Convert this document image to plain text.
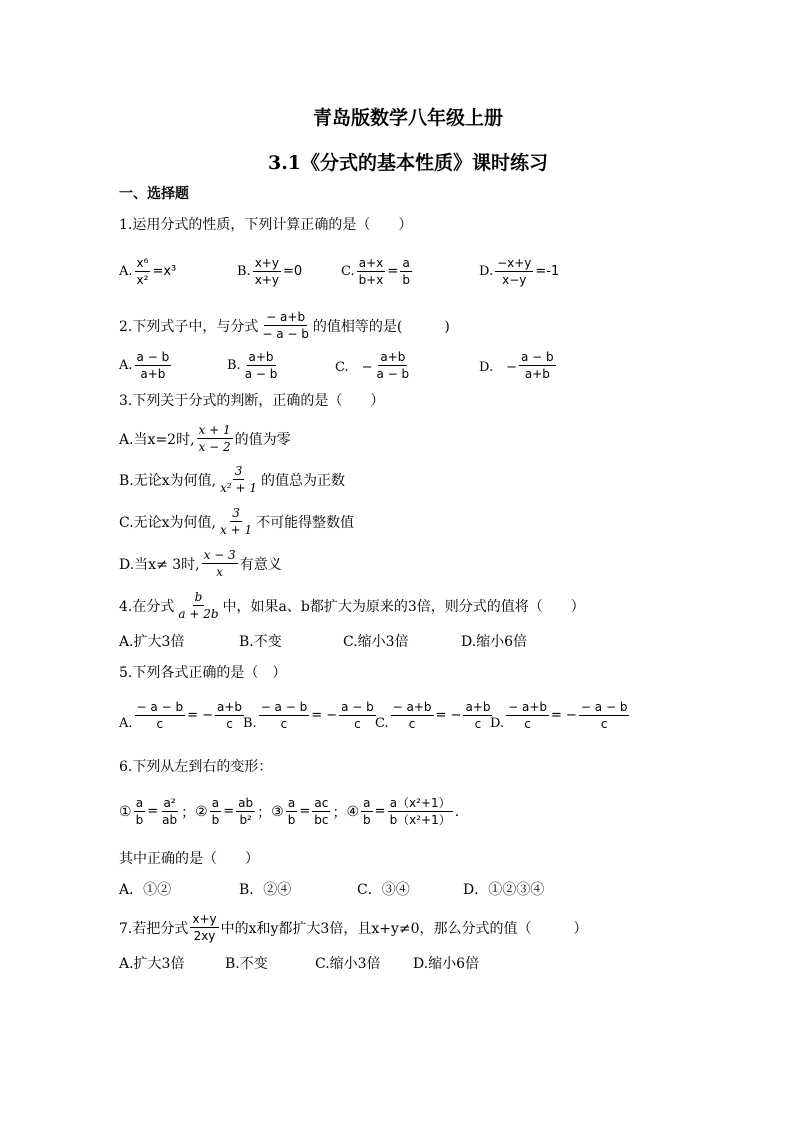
青岛版数学八年级上册
3.1《分式的基本性质》课时练习
一、选择题
1.运用分式的性质，下列计算正确的是（　　）
A. $\frac{\text{x⁶}}{\text{x²}} =x^3$	B. $\frac{x+y}{x+y} =0$	C. $\frac{a+x}{b+x} = \frac{a}{b}$	D. $\frac{-x+y}{x-y} =-1$
2.下列式子中，与分式 $\frac{- a+b}{- a - b}$ 的值相等的是(　　　)
A. $\frac{a - b}{a+b}$	B. $\frac{a+b}{a - b}$	C.　− $\frac{a+b}{a - b}$	D.　− $\frac{a - b}{a+b}$
3.下列关于分式的判断，正确的是（　　）
A.当x=2时, $\frac{x + 1}{x - 2}$ 的值为零
B.无论x为何值, $\frac{3}{\text{x² + 1}}$ 的值总为正数
C.无论x为何值, $\frac{3}{x + 1}$ 不可能得整数值
D.当x≠ 3时, $\frac{x - 3}{x}$ 有意义
4.在分式 $\frac{b}{a + 2b}$ 中，如果a、b都扩大为原来的3倍，则分式的值将（　　）
A.扩大3倍	B.不变	C.缩小3倍	D.缩小6倍
5.下列各式正确的是（　）
A. $\frac{- a - b}{c}$ = − $\frac{a+b}{c}$
B. $\frac{- a - b}{c}$ = − $\frac{a - b}{c} C$. $\frac{- a+b}{c}$ = − $\frac{a+b}{c}$
D. $\frac{- a+b}{c}$ = − $\frac{- a - b}{c}$
6.下列从左到右的变形：
① $\frac{a}{b} = \frac{\text{a²}}{ab}$ ； ② $\frac{a}{b} = \frac{ab}{\text{b²}}$ ； ③ $\frac{a}{b} = \frac{ac}{bc}$ ； ④ $\frac{a}{b} = \frac{\text{a（x²+1）}}{\text{b（x²+1）}}$ .
其中正确的是（　　）
A．①②	B．②④	C．③④	D．①②③④
7.若把分式 $\frac{x+y}{2xy}$ 中的x和y都扩大3倍，且x+y≠0，那么分式的值（　　　）
A.扩大3倍	B.不变	C.缩小3倍 D.缩小6倍
